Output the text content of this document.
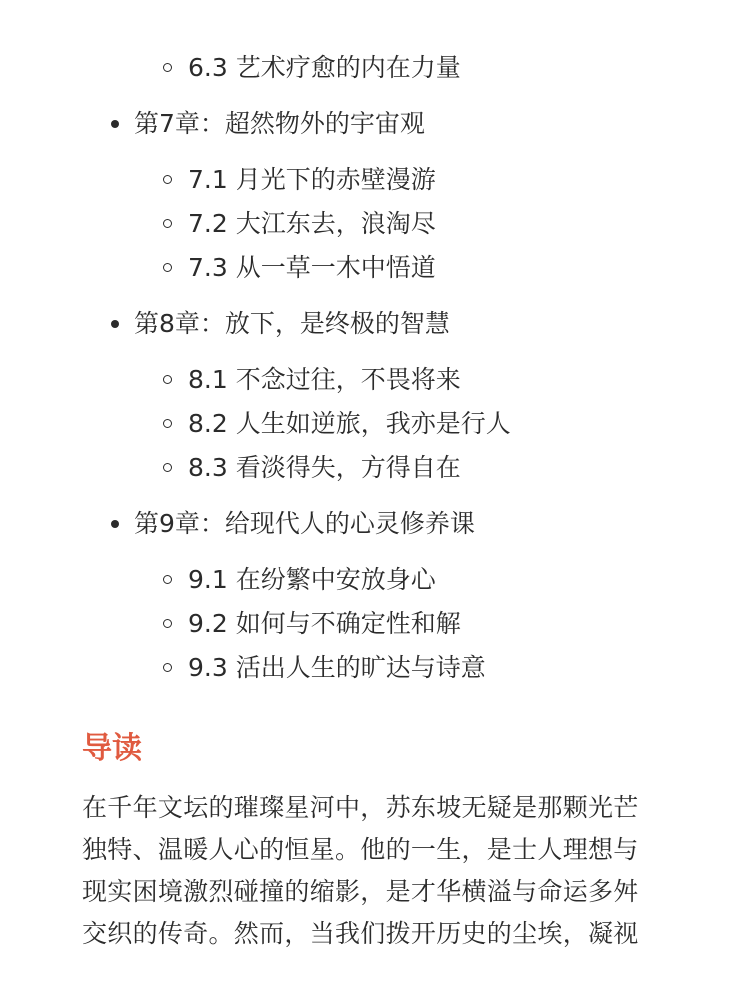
6.3 艺术疗愈的内在力量
第7章：超然物外的宇宙观
7.1 月光下的赤壁漫游
7.2 大江东去，浪淘尽
7.3 从一草一木中悟道
第8章：放下，是终极的智慧
8.1 不念过往，不畏将来
8.2 人生如逆旅，我亦是行人
8.3 看淡得失，方得自在
第9章：给现代人的心灵修养课
9.1 在纷繁中安放身心
9.2 如何与不确定性和解
9.3 活出人生的旷达与诗意
导读

在千年文坛的璀璨星河中，苏东坡无疑是那颗光芒
独特、温暖人心的恒星。他的一生，是士人理想与
现实困境激烈碰撞的缩影，是才华横溢与命运多舛
交织的传奇。然而，当我们拨开历史的尘埃，凝视
